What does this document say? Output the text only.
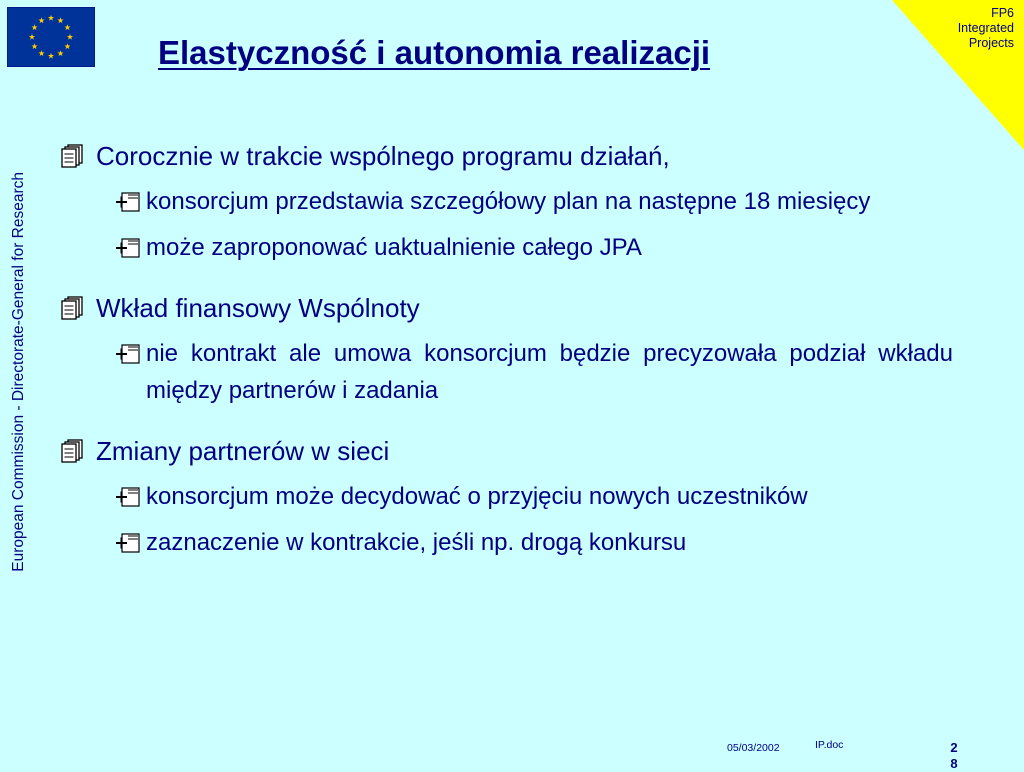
FP6
Integrated
Projects
European Commission - Directorate-General for Research
Elastyczność i autonomia realizacji
Corocznie w trakcie wspólnego programu działań,
konsorcjum przedstawia szczegółowy plan na następne 18 miesięcy
może zaproponować uaktualnienie całego JPA
Wkład finansowy Wspólnoty
nie kontrakt ale umowa konsorcjum będzie precyzowała podział wkładu między partnerów i zadania
Zmiany partnerów w sieci
konsorcjum może decydować o przyjęciu nowych uczestników
zaznaczenie w kontrakcie, jeśli np. drogą konkursu
05/03/2002	IP.doc	2
8
